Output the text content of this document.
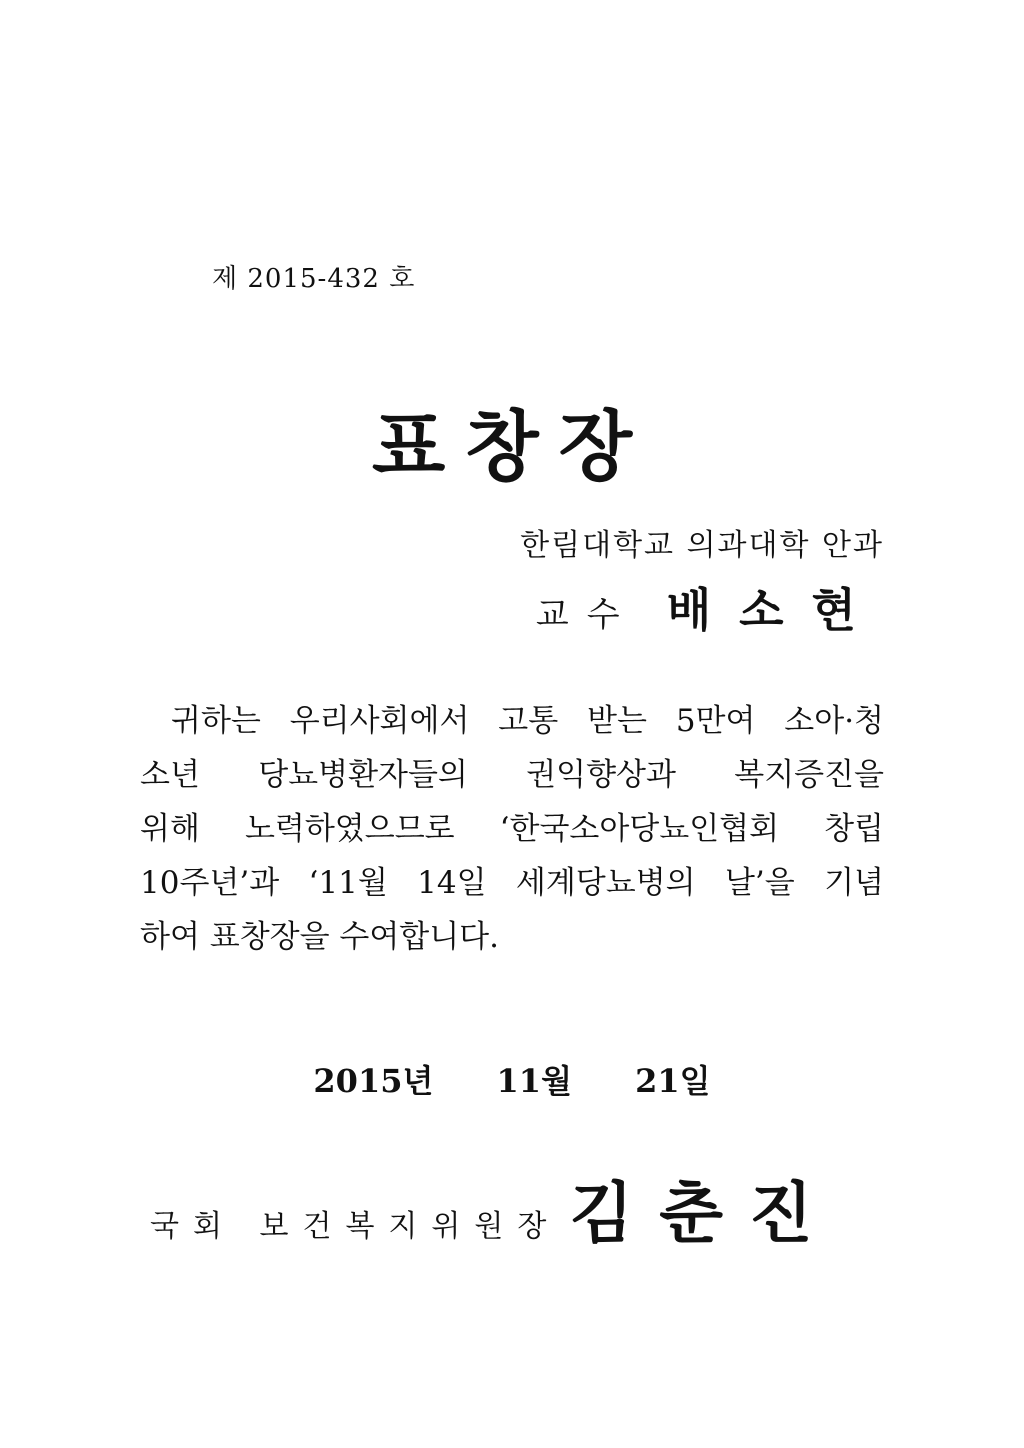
제 2015-432 호
표창장
한림대학교 의과대학 안과
교수 배소현
귀하는 우리사회에서 고통 받는 5만여 소아·청
소년 당뇨병환자들의 권익향상과 복지증진을
위해 노력하였으므로 ‘한국소아당뇨인협회 창립
10주년’과 ‘11월 14일 세계당뇨병의 날’을 기념
하여 표창장을 수여합니다.
2015년 11월 21일
국회 보건복지위원장 김춘진
